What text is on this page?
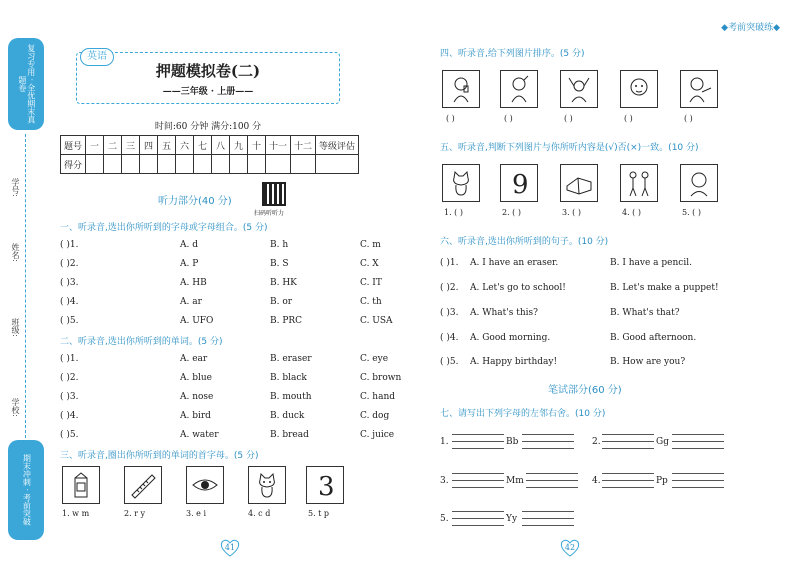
复习专用 · 全优期末真题卷
学号:
姓名:
班级:
学校:
期末冲刺 · 考前突破
英语
押题模拟卷(二)
——三年级 · 上册——
时间:60 分钟 满分:100 分
题号	一	二	三	四	五	六	七	八	九	十	十一	十二	等级评估
得分													
听力部分(40 分)
扫码听听力
一、听录音,选出你所听到的字母或字母组合。(5 分)
( )1.	A. d	B. h	C. m
( )2.	A. P	B. S	C. X
( )3.	A. HB	B. HK	C. IT
( )4.	A. ar	B. or	C. th
( )5.	A. UFO	B. PRC	C. USA
二、听录音,选出你所听到的单词。(5 分)
( )1.	A. ear	B. eraser	C. eye
( )2.	A. blue	B. black	C. brown
( )3.	A. nose	B. mouth	C. hand
( )4.	A. bird	B. duck	C. dog
( )5.	A. water	B. bread	C. juice
三、听录音,圈出你所听到的单词的首字母。(5 分)
3
1. w m	2. r y	3. e i	4. c d	5. t p
41
◆考前突破练◆
四、听录音,给下列图片排序。(5 分)
( )	( )	( )	( )	( )
五、听录音,判断下列图片与你所听内容是(√)否(×)一致。(10 分)
9
1. ( )	2. ( )	3. ( )	4. ( )	5. ( )
六、听录音,选出你所听到的句子。(10 分)
( )1.	A. I have an eraser.	B. I have a pencil.
( )2.	A. Let's go to school!	B. Let's make a puppet!
( )3.	A. What's this?	B. What's that?
( )4.	A. Good morning.	B. Good afternoon.
( )5.	A. Happy birthday!	B. How are you?
笔试部分(60 分)
七、请写出下列字母的左邻右舍。(10 分)
1.	Bb	2.	Gg
3.	Mm	4.	Pp
5.	Yy
42
